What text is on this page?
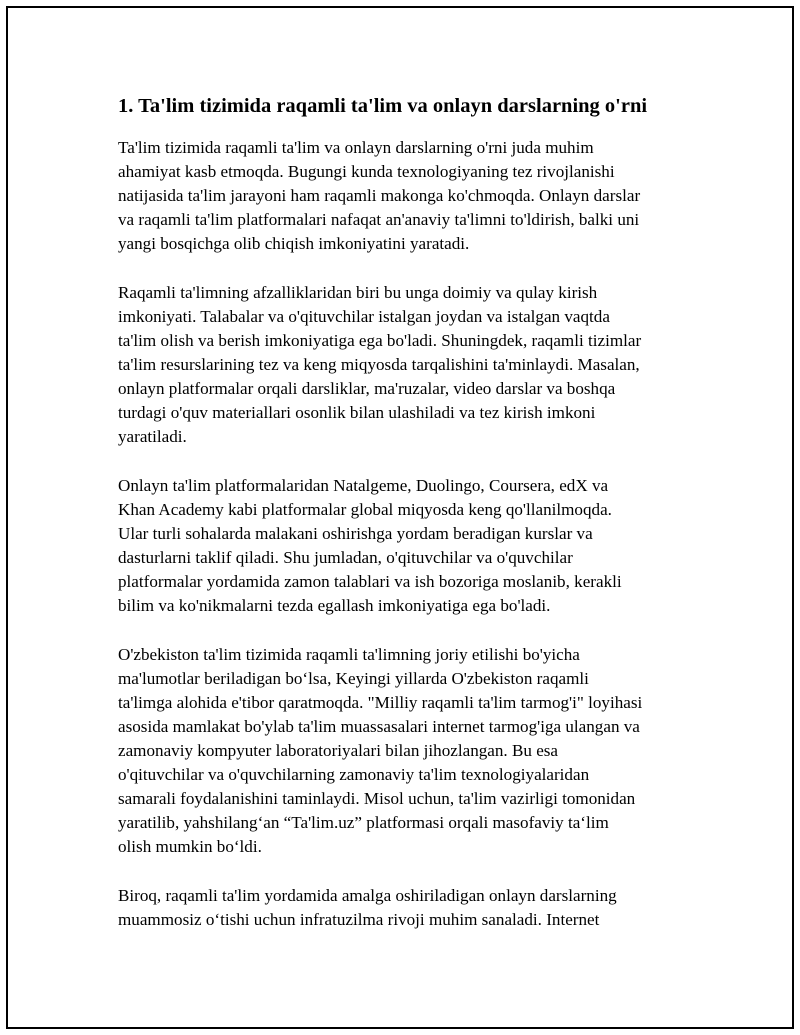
1. Ta'lim tizimida raqamli ta'lim va onlayn darslarning o'rni

Ta'lim tizimida raqamli ta'lim va onlayn darslarning o'rni juda muhim
ahamiyat kasb etmoqda. Bugungi kunda texnologiyaning tez rivojlanishi
natijasida ta'lim jarayoni ham raqamli makonga ko'chmoqda. Onlayn darslar
va raqamli ta'lim platformalari nafaqat an'anaviy ta'limni to'ldirish, balki uni
yangi bosqichga olib chiqish imkoniyatini yaratadi.

Raqamli ta'limning afzalliklaridan biri bu unga doimiy va qulay kirish
imkoniyati. Talabalar va o'qituvchilar istalgan joydan va istalgan vaqtda
ta'lim olish va berish imkoniyatiga ega bo'ladi. Shuningdek, raqamli tizimlar
ta'lim resurslarining tez va keng miqyosda tarqalishini ta'minlaydi. Masalan,
onlayn platformalar orqali darsliklar, ma'ruzalar, video darslar va boshqa
turdagi o'quv materiallari osonlik bilan ulashiladi va tez kirish imkoni
yaratiladi.

Onlayn ta'lim platformalaridan Natalgeme, Duolingo, Coursera, edX va
Khan Academy kabi platformalar global miqyosda keng qo'llanilmoqda.
Ular turli sohalarda malakani oshirishga yordam beradigan kurslar va
dasturlarni taklif qiladi. Shu jumladan, o'qituvchilar va o'quvchilar
platformalar yordamida zamon talablari va ish bozoriga moslanib, kerakli
bilim va ko'nikmalarni tezda egallash imkoniyatiga ega bo'ladi.

O'zbekiston ta'lim tizimida raqamli ta'limning joriy etilishi bo'yicha
ma'lumotlar beriladigan bo‘lsa, Keyingi yillarda O'zbekiston raqamli
ta'limga alohida e'tibor qaratmoqda. "Milliy raqamli ta'lim tarmog'i" loyihasi
asosida mamlakat bo'ylab ta'lim muassasalari internet tarmog'iga ulangan va
zamonaviy kompyuter laboratoriyalari bilan jihozlangan. Bu esa
o'qituvchilar va o'quvchilarning zamonaviy ta'lim texnologiyalaridan
samarali foydalanishini taminlaydi. Misol uchun, ta'lim vazirligi tomonidan
yaratilib, yahshilang‘an “Ta'lim.uz” platformasi orqali masofaviy ta‘lim
olish mumkin bo‘ldi.

Biroq, raqamli ta'lim yordamida amalga oshiriladigan onlayn darslarning
muammosiz o‘tishi uchun infratuzilma rivoji muhim sanaladi. Internet
